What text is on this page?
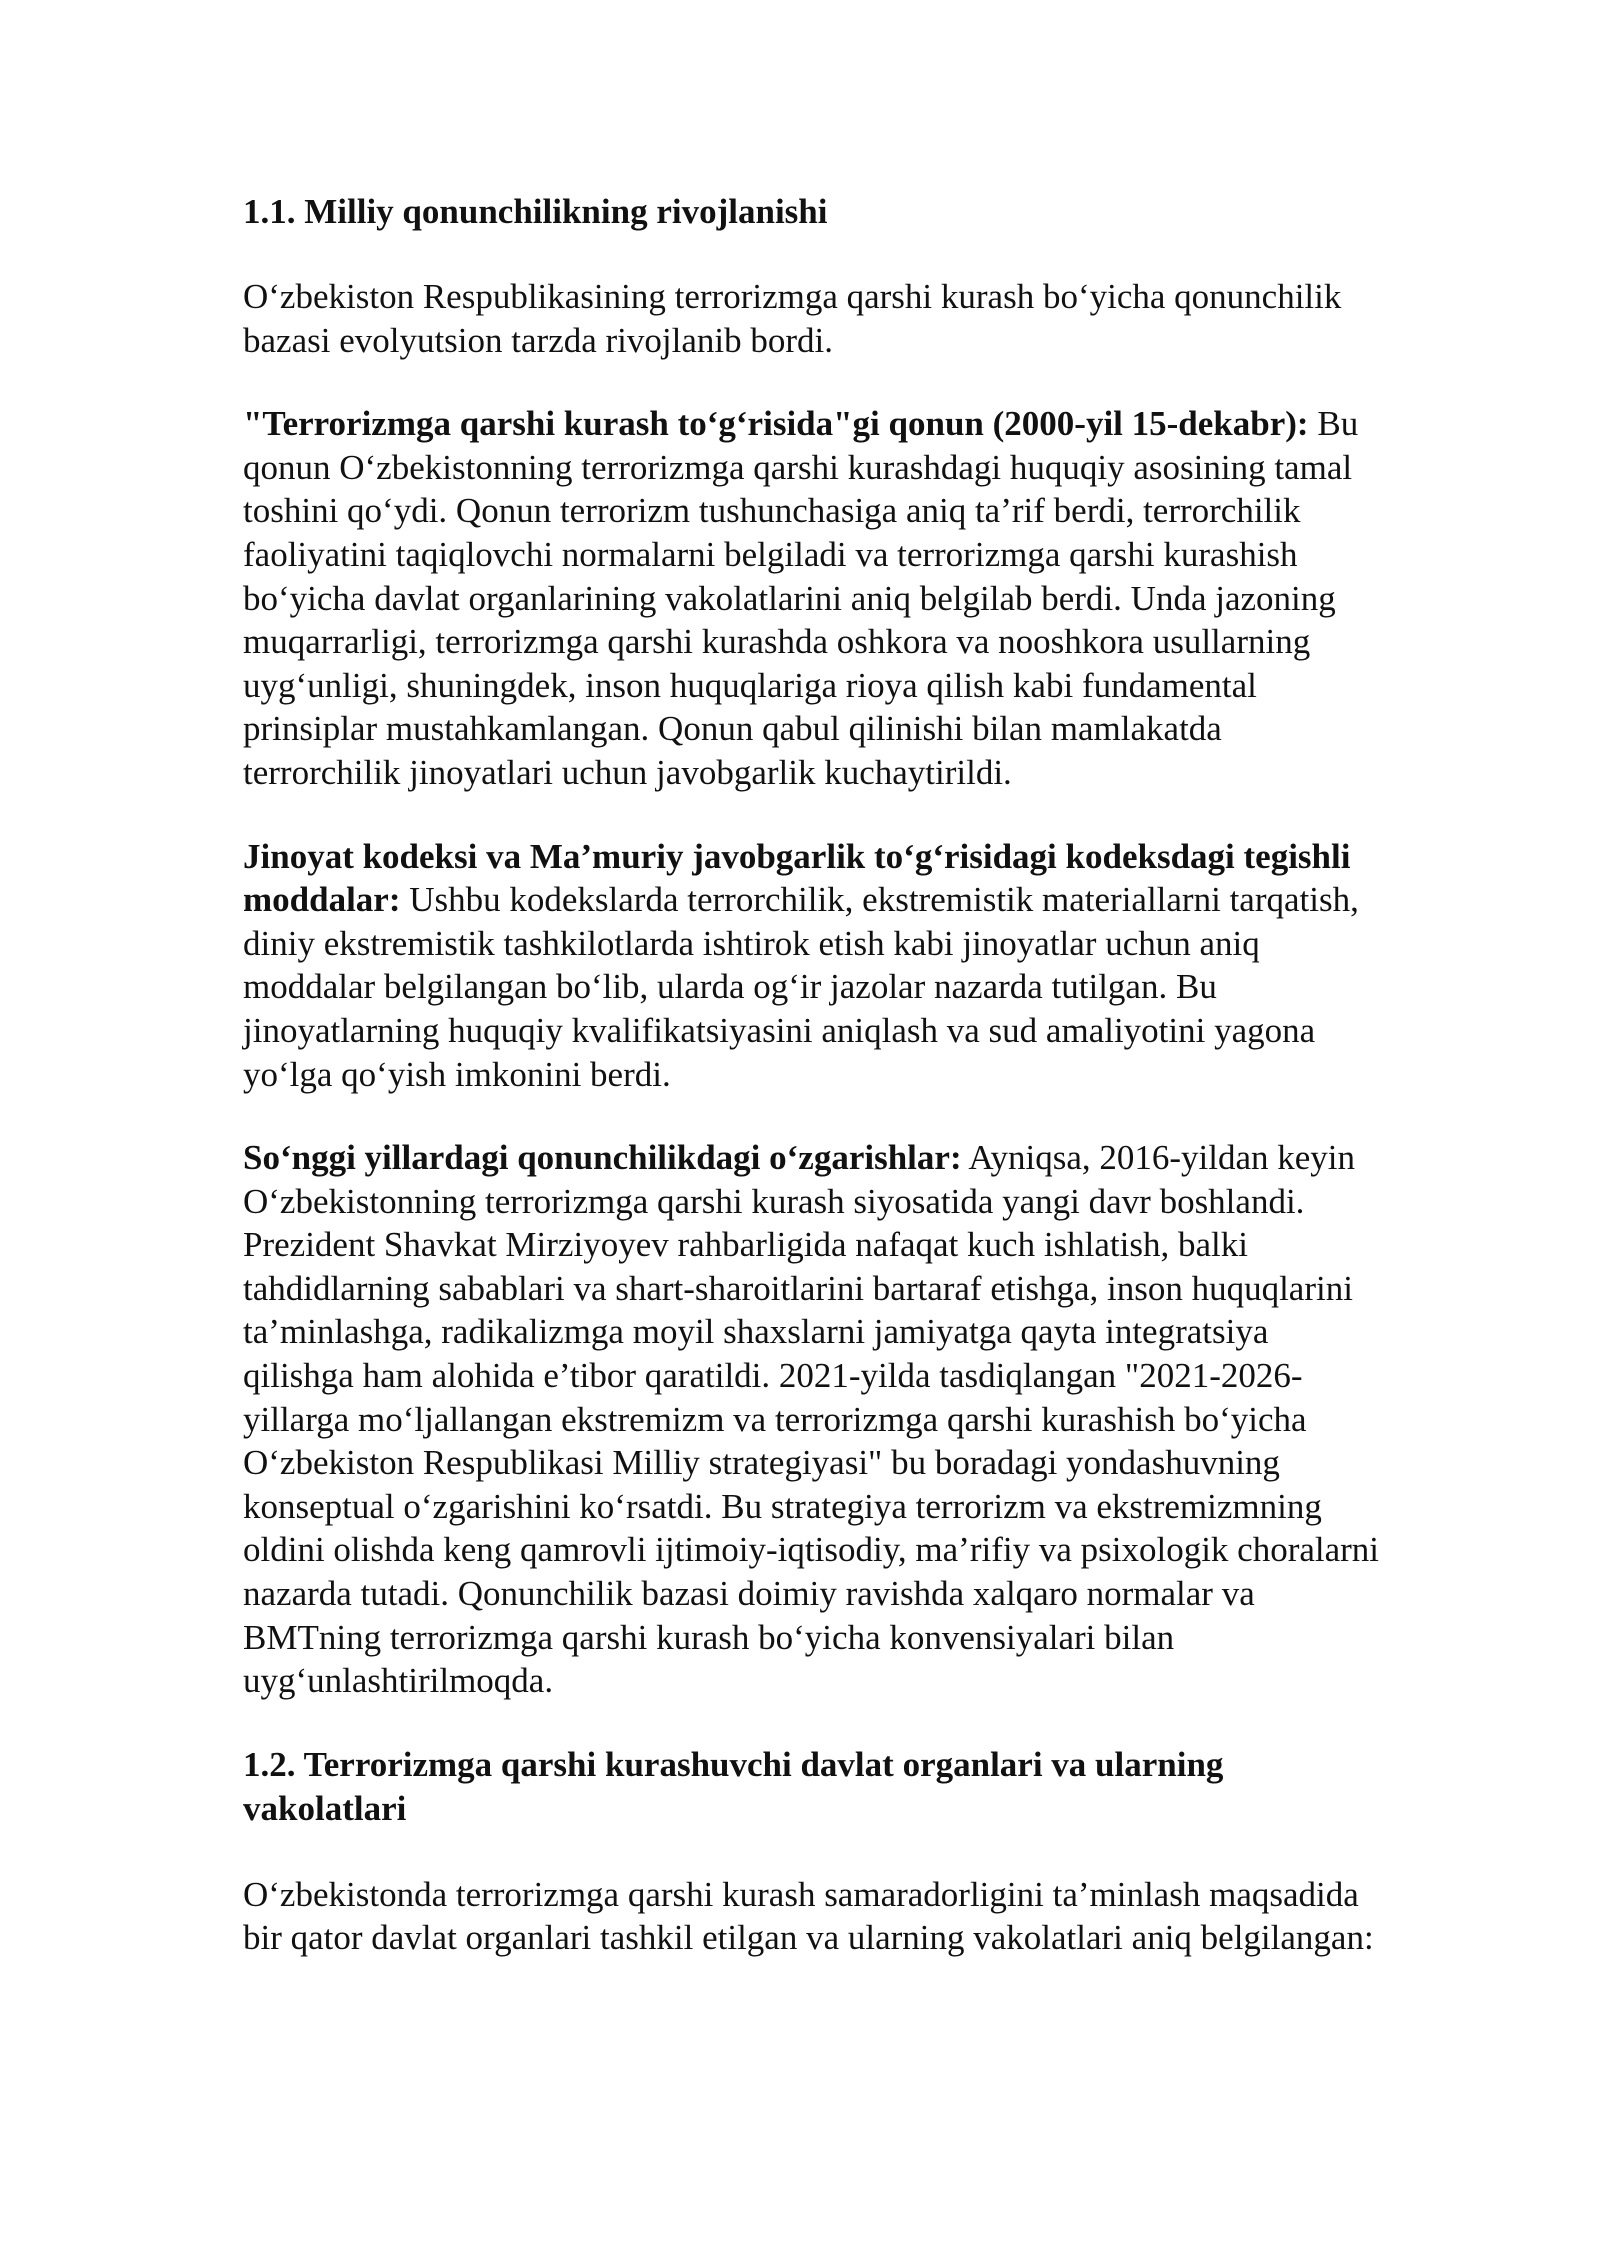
1.1. Milliy qonunchilikning rivojlanishi

O‘zbekiston Respublikasining terrorizmga qarshi kurash bo‘yicha qonunchilik bazasi evolyutsion tarzda rivojlanib bordi.

"Terrorizmga qarshi kurash to‘g‘risida"gi qonun (2000-yil 15-dekabr): Bu qonun O‘zbekistonning terrorizmga qarshi kurashdagi huquqiy asosining tamal toshini qo‘ydi. Qonun terrorizm tushunchasiga aniq ta’rif berdi, terrorchilik faoliyatini taqiqlovchi normalarni belgiladi va terrorizmga qarshi kurashish bo‘yicha davlat organlarining vakolatlarini aniq belgilab berdi. Unda jazoning muqarrarligi, terrorizmga qarshi kurashda oshkora va nooshkora usullarning uyg‘unligi, shuningdek, inson huquqlariga rioya qilish kabi fundamental prinsiplar mustahkamlangan. Qonun qabul qilinishi bilan mamlakatda terrorchilik jinoyatlari uchun javobgarlik kuchaytirildi.

Jinoyat kodeksi va Ma’muriy javobgarlik to‘g‘risidagi kodeksdagi tegishli moddalar: Ushbu kodekslarda terrorchilik, ekstremistik materiallarni tarqatish, diniy ekstremistik tashkilotlarda ishtirok etish kabi jinoyatlar uchun aniq moddalar belgilangan bo‘lib, ularda og‘ir jazolar nazarda tutilgan. Bu jinoyatlarning huquqiy kvalifikatsiyasini aniqlash va sud amaliyotini yagona yo‘lga qo‘yish imkonini berdi.

So‘nggi yillardagi qonunchilikdagi o‘zgarishlar: Ayniqsa, 2016-yildan keyin O‘zbekistonning terrorizmga qarshi kurash siyosatida yangi davr boshlandi. Prezident Shavkat Mirziyoyev rahbarligida nafaqat kuch ishlatish, balki tahdidlarning sabablari va shart-sharoitlarini bartaraf etishga, inson huquqlarini ta’minlashga, radikalizmga moyil shaxslarni jamiyatga qayta integratsiya qilishga ham alohida e’tibor qaratildi. 2021-yilda tasdiqlangan "2021-2026-yillarga mo‘ljallangan ekstremizm va terrorizmga qarshi kurashish bo‘yicha O‘zbekiston Respublikasi Milliy strategiyasi" bu boradagi yondashuvning konseptual o‘zgarishini ko‘rsatdi. Bu strategiya terrorizm va ekstremizmning oldini olishda keng qamrovli ijtimoiy-iqtisodiy, ma’rifiy va psixologik choralarni nazarda tutadi. Qonunchilik bazasi doimiy ravishda xalqaro normalar va BMTning terrorizmga qarshi kurash bo‘yicha konvensiyalari bilan uyg‘unlashtirilmoqda.

1.2. Terrorizmga qarshi kurashuvchi davlat organlari va ularning vakolatlari

O‘zbekistonda terrorizmga qarshi kurash samaradorligini ta’minlash maqsadida bir qator davlat organlari tashkil etilgan va ularning vakolatlari aniq belgilangan:
